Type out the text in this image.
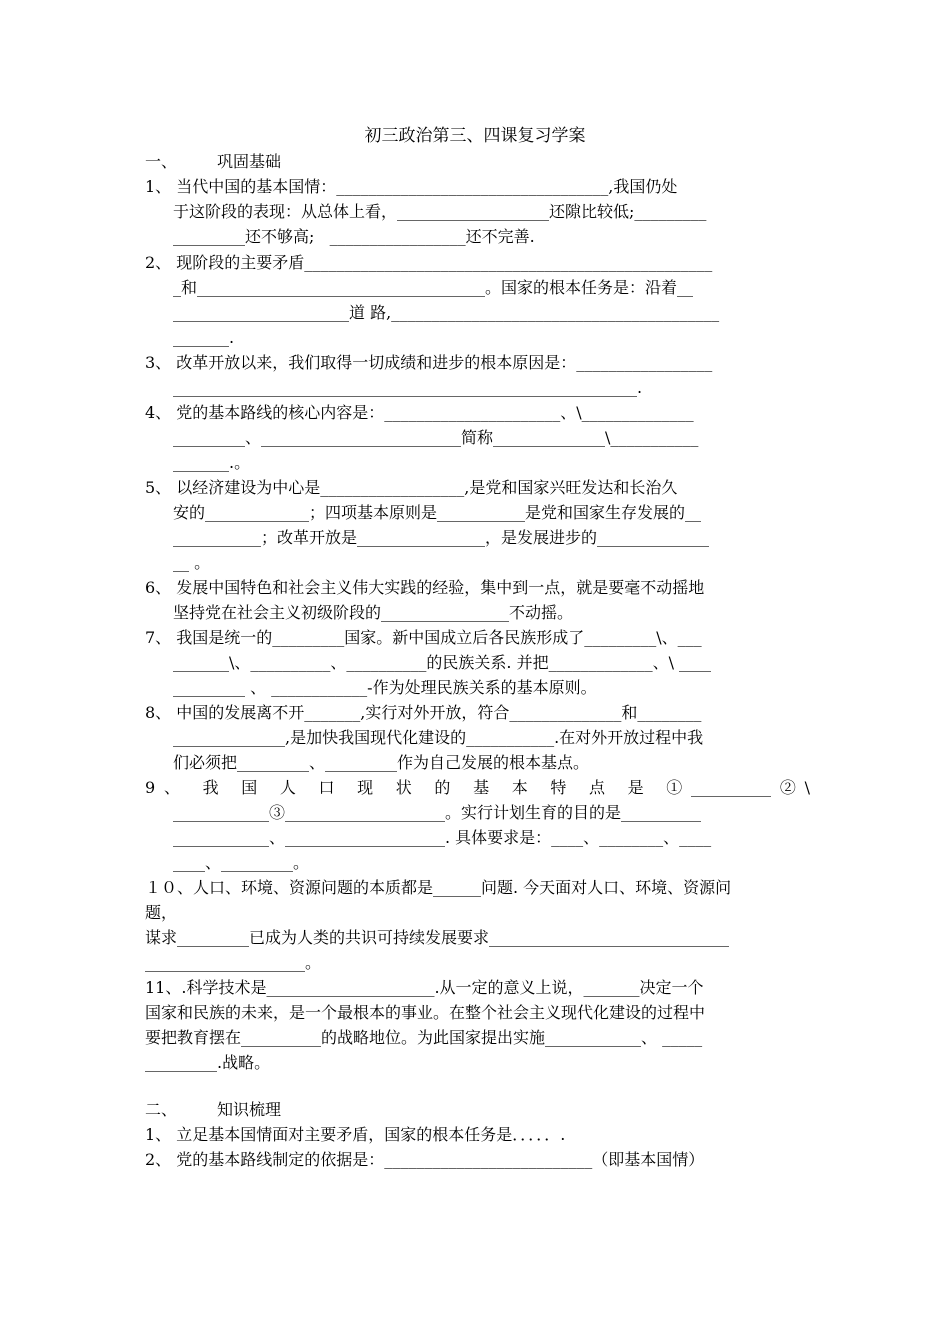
初三政治第三、四课复习学案
一、	巩固基础
1、 当代中国的基本国情：__________________________________,我国仍处
于这阶段的表现：从总体上看，___________________还隙比较低;_________
_________还不够高;   _________________还不完善.
2、 现阶段的主要矛盾___________________________________________________
_和____________________________________。国家的根本任务是：沿着__
______________________道 路,_________________________________________
_______.
3、 改革开放以来，我们取得一切成绩和进步的根本原因是：_________________
__________________________________________________________.
4、 党的基本路线的核心内容是：______________________、\______________
_________、_________________________简称______________\___________
_______.。
5、 以经济建设为中心是__________________,是党和国家兴旺发达和长治久
安的_____________；四项基本原则是___________是党和国家生存发展的__
___________；改革开放是________________，是发展进步的______________
__ 。
6、 发展中国特色和社会主义伟大实践的经验，集中到一点，就是要毫不动摇地
坚持党在社会主义初级阶段的________________不动摇。
7、 我国是统一的_________国家。新中国成立后各民族形成了_________\、___
_______\、__________、__________的民族关系. 并把_____________、\ ____
_________ 、 ____________-作为处理民族关系的基本原则。
8、 中国的发展离不开_______,实行对外开放，符合______________和________
______________,是加快我国现代化建设的___________.在对外开放过程中我
们必须把_________、_________作为自己发展的根本基点。
9、 我 国 人 口 现 状 的 基 本 特 点 是 ①__________②\
____________③____________________。实行计划生育的目的是__________
____________、____________________. 具体要求是：____、________、____
____、_________。
１０、人口、环境、资源问题的本质都是______问题. 今天面对人口、环境、资源问
题，
谋求_________已成为人类的共识可持续发展要求______________________________
____________________。
11、.科学技术是_____________________.从一定的意义上说，_______决定一个
国家和民族的未来，是一个最根本的事业。在整个社会主义现代化建设的过程中
要把教育摆在__________的战略地位。为此国家提出实施____________、 _____
_________.战略。
二、	知识梳理
1、 立足基本国情面对主要矛盾，国家的根本任务是．．．．．.
2、 党的基本路线制定的依据是：__________________________（即基本国情）
